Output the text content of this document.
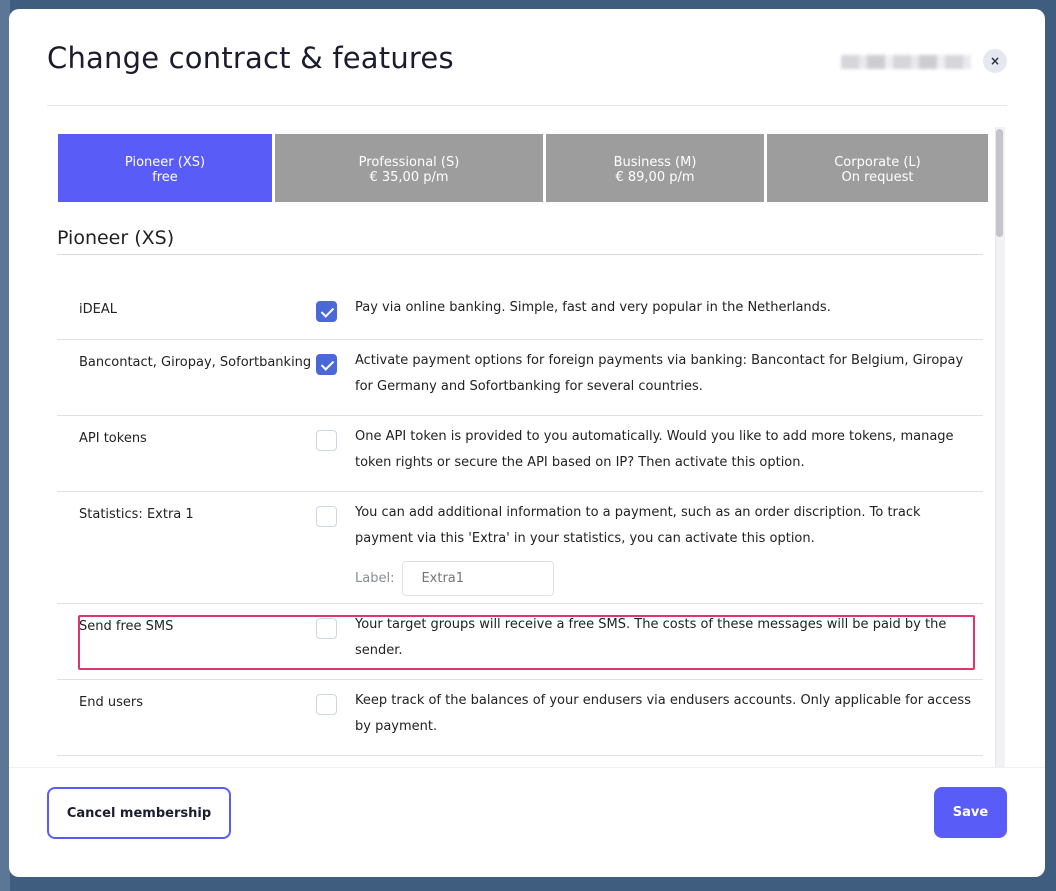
Change contract & features	×
Pioneer (XS)
free
Professional (S)
€ 35,00 p/m
Business (M)
€ 89,00 p/m
Corporate (L)
On request
Pioneer (XS)
iDEAL	Pay via online banking. Simple, fast and very popular in the Netherlands.
Bancontact, Giropay, Sofortbanking	Activate payment options for foreign payments via banking: Bancontact for Belgium, Giropay for Germany and Sofortbanking for several countries.
API tokens	One API token is provided to you automatically. Would you like to add more tokens, manage token rights or secure the API based on IP? Then activate this option.
Statistics: Extra 1	You can add additional information to a payment, such as an order discription. To track payment via this 'Extra' in your statistics, you can activate this option.
Label:
Extra1
Send free SMS	Your target groups will receive a free SMS. The costs of these messages will be paid by the sender.
End users	Keep track of the balances of your endusers via endusers accounts. Only applicable for access by payment.
Cancel membership	Save
